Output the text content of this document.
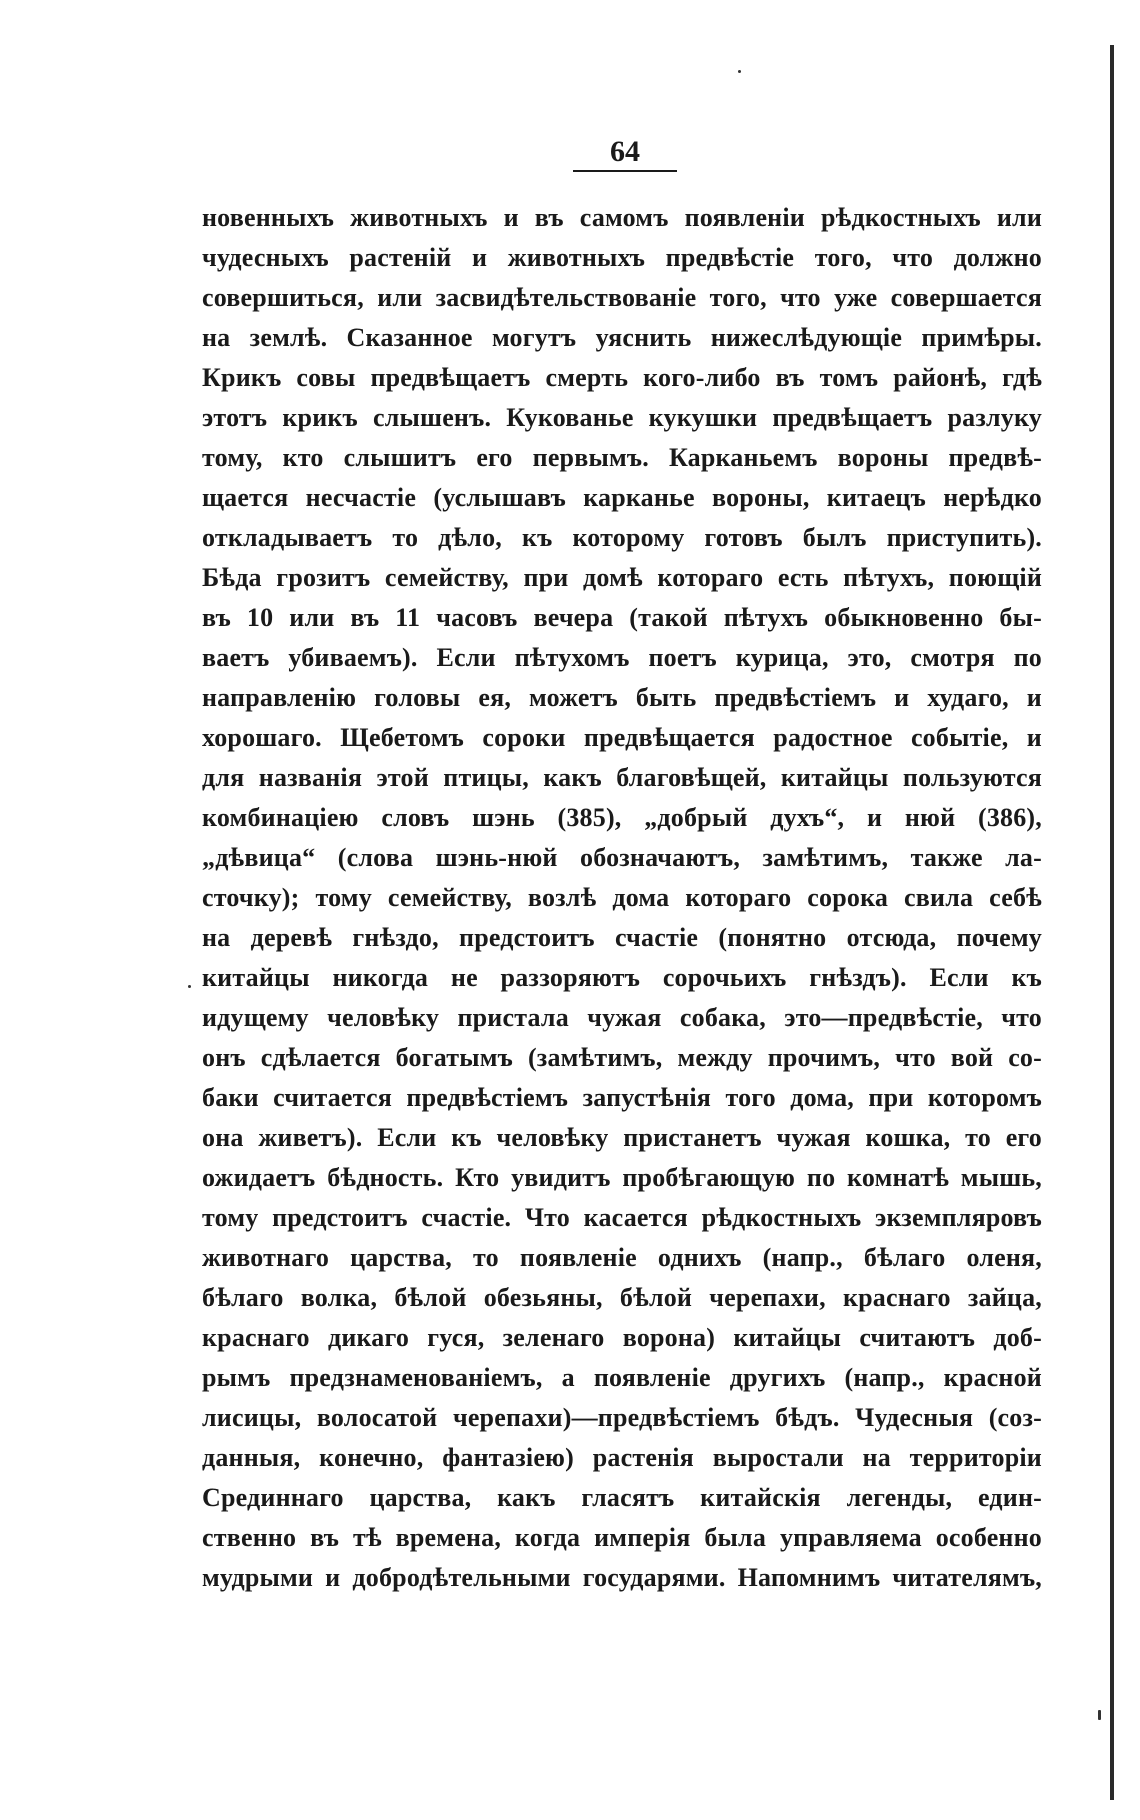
64
новенныхъ животныхъ и въ самомъ появленіи рѣдкостныхъ или
чудесныхъ растеній и животныхъ предвѣстіе того, что должно
совершиться, или засвидѣтельствованіе того, что уже совершается
на землѣ. Сказанное могутъ уяснить нижеслѣдующіе примѣры.
Крикъ совы предвѣщаетъ смерть кого-либо въ томъ районѣ, гдѣ
этотъ крикъ слышенъ. Кукованье кукушки предвѣщаетъ разлуку
тому, кто слышитъ его первымъ. Карканьемъ вороны предвѣ-
щается несчастіе (услышавъ карканье вороны, китаецъ нерѣдко
откладываетъ то дѣло, къ которому готовъ былъ приступить).
Бѣда грозитъ семейству, при домѣ котораго есть пѣтухъ, поющій
въ 10 или въ 11 часовъ вечера (такой пѣтухъ обыкновенно бы-
ваетъ убиваемъ). Если пѣтухомъ поетъ курица, это, смотря по
направленію головы ея, можетъ быть предвѣстіемъ и худаго, и
хорошаго. Щебетомъ сороки предвѣщается радостное событіе, и
для названія этой птицы, какъ благовѣщей, китайцы пользуются
комбинаціею словъ шэнь (385), „добрый духъ“, и нюй (386),
„дѣвица“ (слова шэнь-нюй обозначаютъ, замѣтимъ, также ла-
сточку); тому семейству, возлѣ дома котораго сорока свила себѣ
на деревѣ гнѣздо, предстоитъ счастіе (понятно отсюда, почему
китайцы никогда не раззоряютъ сорочьихъ гнѣздъ). Если къ
идущему человѣку пристала чужая собака, это—предвѣстіе, что
онъ сдѣлается богатымъ (замѣтимъ, между прочимъ, что вой со-
баки считается предвѣстіемъ запустѣнія того дома, при которомъ
она живетъ). Если къ человѣку пристанетъ чужая кошка, то его
ожидаетъ бѣдность. Кто увидитъ пробѣгающую по комнатѣ мышь,
тому предстоитъ счастіе. Что касается рѣдкостныхъ экземпляровъ
животнаго царства, то появленіе однихъ (напр., бѣлаго оленя,
бѣлаго волка, бѣлой обезьяны, бѣлой черепахи, краснаго зайца,
краснаго дикаго гуся, зеленаго ворона) китайцы считаютъ доб-
рымъ предзнаменованіемъ, а появленіе другихъ (напр., красной
лисицы, волосатой черепахи)—предвѣстіемъ бѣдъ. Чудесныя (соз-
данныя, конечно, фантазіею) растенія выростали на территоріи
Срединнаго царства, какъ гласятъ китайскія легенды, един-
ственно въ тѣ времена, когда имперія была управляема особенно
мудрыми и добродѣтельными государями. Напомнимъ читателямъ,
